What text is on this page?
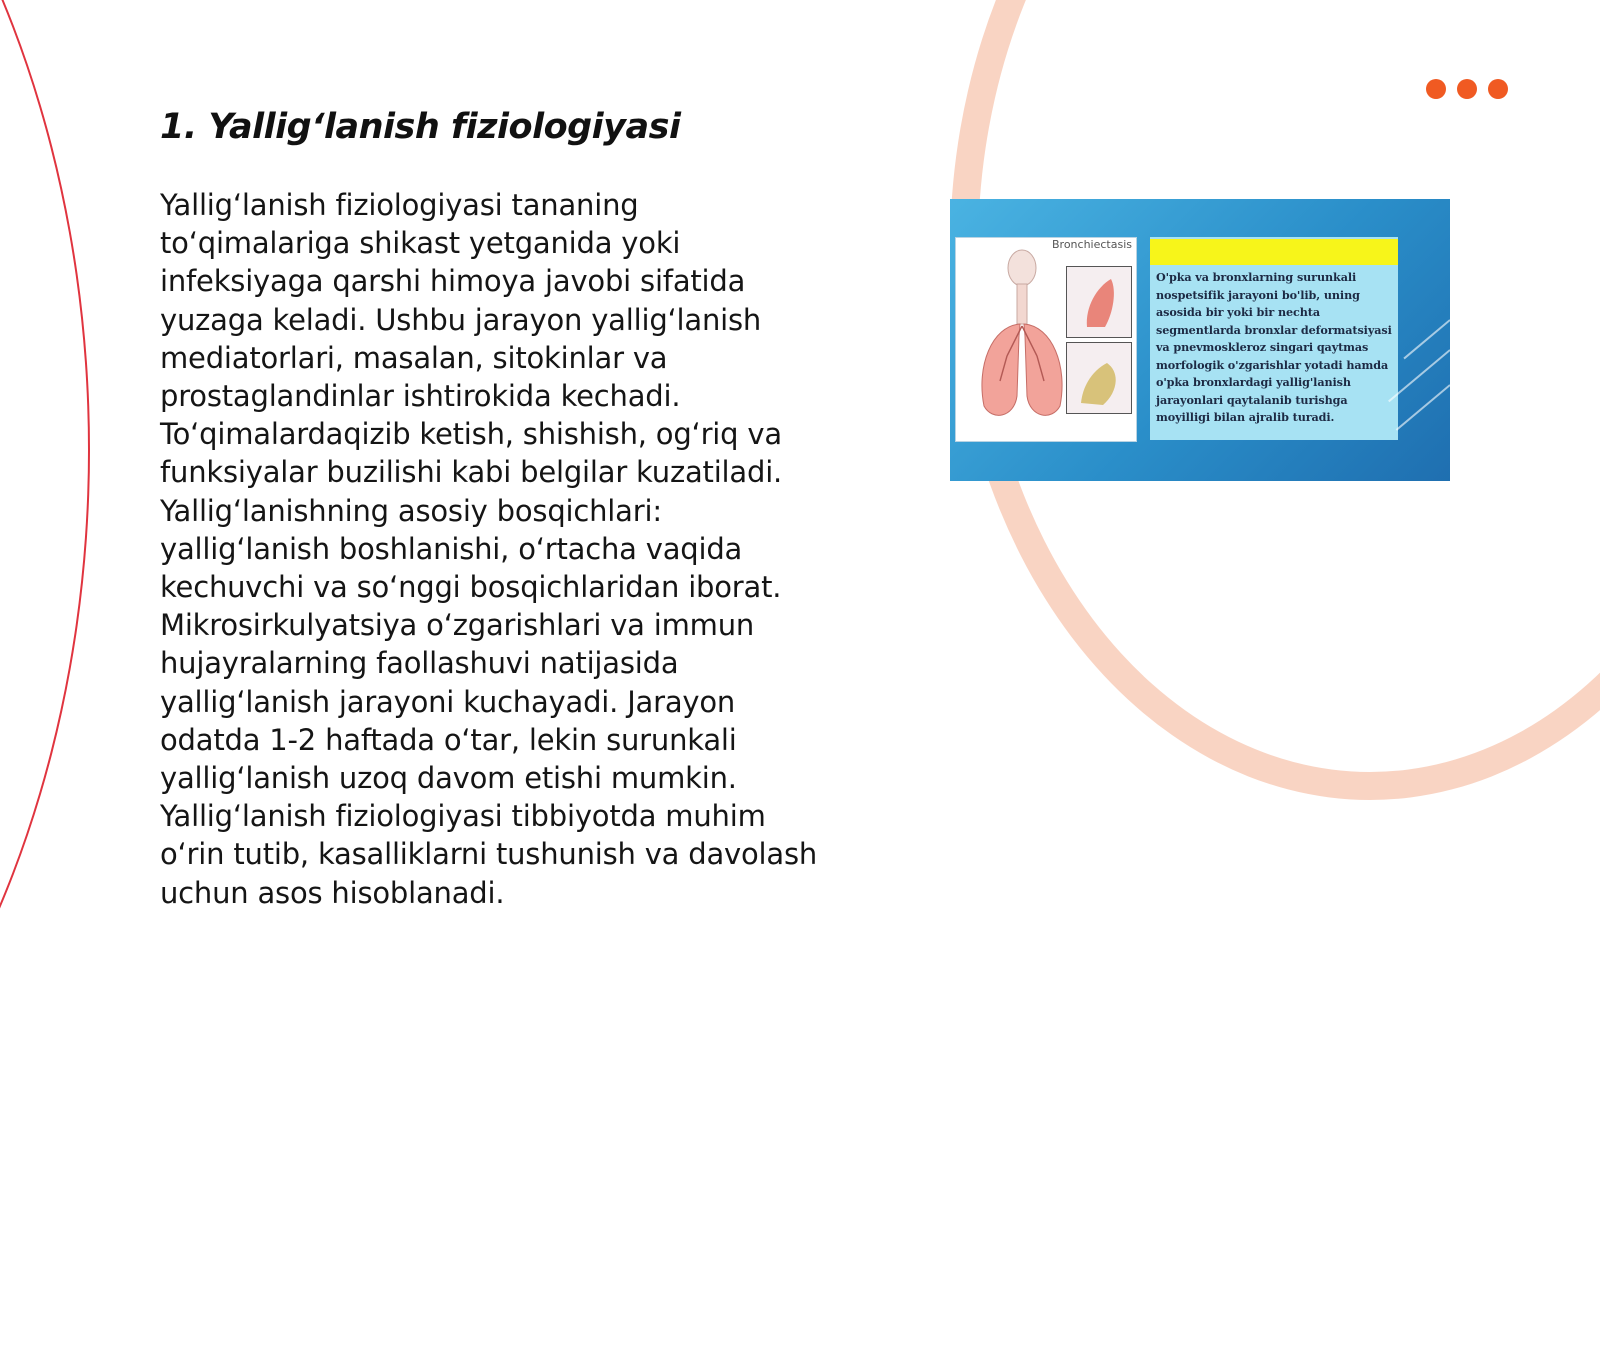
1. Yallig‘lanish fiziologiyasi

Yallig‘lanish fiziologiyasi tananing to‘qimalariga shikast yetganida yoki infeksiyaga qarshi himoya javobi sifatida yuzaga keladi. Ushbu jarayon yallig‘lanish mediatorlari, masalan, sitokinlar va prostaglandinlar ishtirokida kechadi. To‘qimalardaqizib ketish, shishish, og‘riq va funksiyalar buzilishi kabi belgilar kuzatiladi. Yallig‘lanishning asosiy bosqichlari: yallig‘lanish boshlanishi, o‘rtacha vaqida kechuvchi va so‘nggi bosqichlaridan iborat. Mikrosirkulyatsiya o‘zgarishlari va immun hujayralarning faollashuvi natijasida yallig‘lanish jarayoni kuchayadi. Jarayon odatda 1-2 haftada o‘tar, lekin surunkali yallig‘lanish uzoq davom etishi mumkin. Yallig‘lanish fiziologiyasi tibbiyotda muhim o‘rin tutib, kasalliklarni tushunish va davolash uchun asos hisoblanadi.

Bronchiectasis

O'pka va bronxlarning surunkali nospetsifik jarayoni bo'lib, uning asosida bir yoki bir nechta segmentlarda bronxlar deformatsiyasi va pnevmoskleroz singari qaytmas morfologik o'zgarishlar yotadi hamda o'pka bronxlardagi yallig'lanish jarayonlari qaytalanib turishga moyilligi bilan ajralib turadi.
